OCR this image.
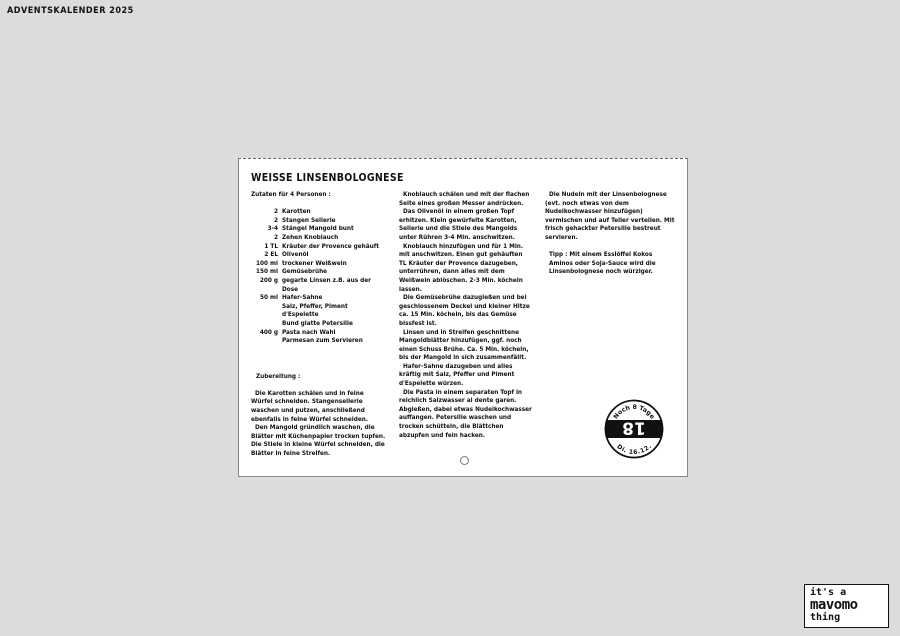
ADVENTSKALENDER 2025
WEISSE LINSENBOLOGNESE
Zutaten für 4 Personen :
2 Karotten
2 Stangen Sellerie
3-4 Stängel Mangold bunt
2 Zehen Knoblauch
1 TL Kräuter der Provence gehäuft
2 EL Olivenöl
100 ml trockener Weißwein
150 ml Gemüsebrühe
200 g gegarte Linsen z.B. aus der Dose
50 ml Hafer-Sahne
Salz, Pfeffer, Piment d'Espelette
Bund glatte Petersilie
400 g Pasta nach Wahl
Parmesan zum Servieren
Zubereitung :
Die Karotten schälen und in feine Würfel schneiden. Stangensellerie waschen und putzen, anschließend ebenfalls in feine Würfel schneiden.
Den Mangold gründlich waschen, die Blätter mit Küchenpapier trocken tupfen. Die Stiele in kleine Würfel schneiden, die Blätter in feine Streifen.
Knoblauch schälen und mit der flachen Seite eines großen Messer andrücken.
Das Olivenöl in einem großen Topf erhitzen. Klein gewürfelte Karotten, Sellerie und die Stiele des Mangolds unter Rühren 3-4 Min. anschwitzen.
Knoblauch hinzufügen und für 1 Min. mit anschwitzen. Einen gut gehäuften TL Kräuter der Provence dazugeben, unterrühren, dann alles mit dem Weißwein ablöschen. 2-3 Min. köcheln lassen.
Die Gemüsebrühe dazugießen und bei geschlossenem Deckel und kleiner Hitze ca. 15 Min. köcheln, bis das Gemüse bissfest ist.
Linsen und in Streifen geschnittene Mangoldblätter hinzufügen, ggf. noch einen Schuss Brühe. Ca. 5 Min. köcheln, bis der Mangold in sich zusammenfällt.
Hafer-Sahne dazugeben und alles kräftig mit Salz, Pfeffer und Piment d'Espelette würzen.
Die Pasta in einem separaten Topf in reichlich Salzwasser al dente garen. Abgießen, dabei etwas Nudelkochwasser auffangen. Petersilie waschen und trocken schütteln, die Blättchen abzupfen und fein hacken.
Die Nudeln mit der Linsenbolognese (evt. noch etwas von dem Nudelkochwasser hinzufügen) vermischen und auf Teller verteilen. Mit frisch gehackter Petersilie bestreut servieren.
Tipp : Mit einem Esslöffel Kokos Aminos oder Soja-Sauce wird die Linsenbolognese noch würziger.
Noch 8 Tage
18
Di. 16.12.
it's a
mavomo
thing
